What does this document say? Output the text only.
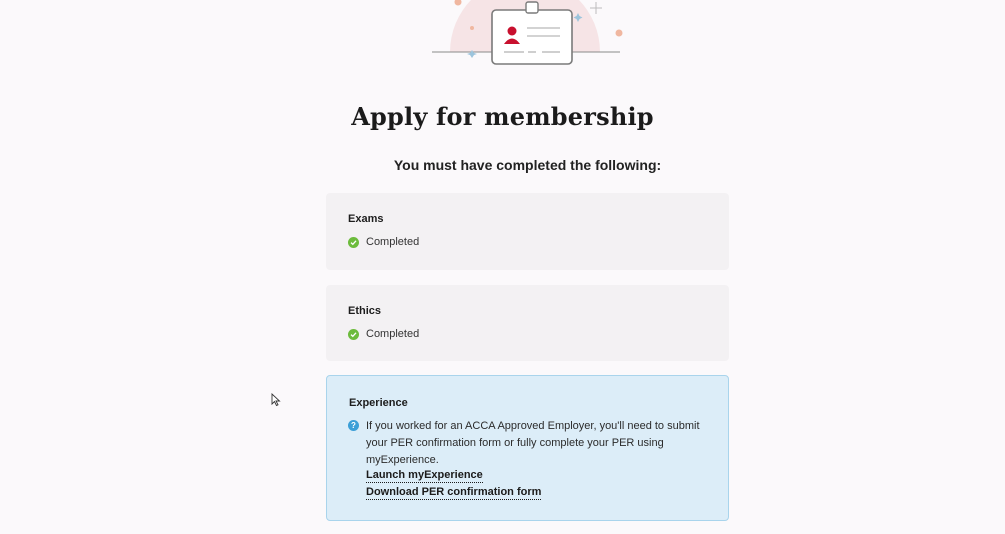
Apply for membership

You must have completed the following:

Exams
Completed
Ethics
Completed
Experience
? If you worked for an ACCA Approved Employer, you'll need to submit your PER confirmation form or fully complete your PER using myExperience.
Launch myExperience
Download PER confirmation form
